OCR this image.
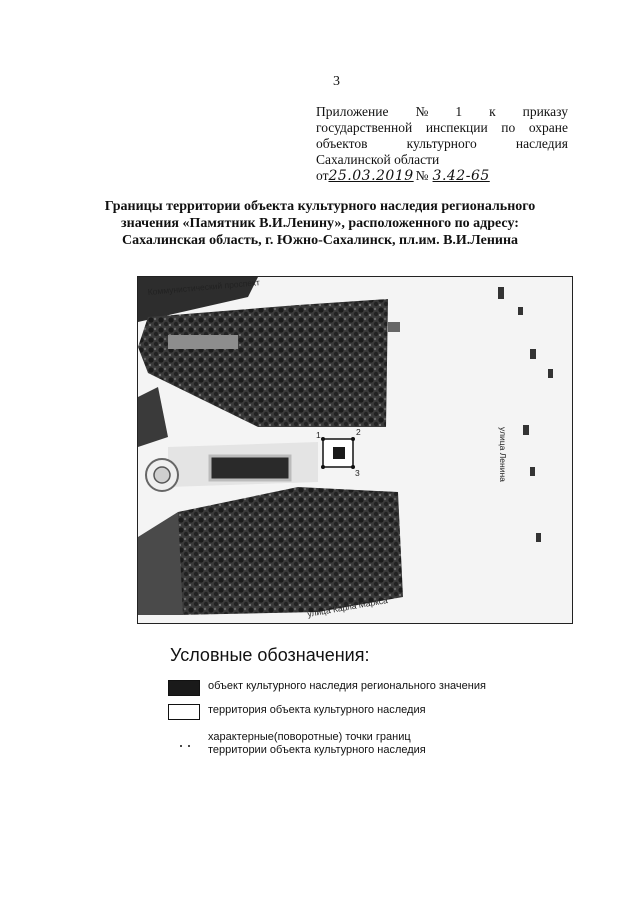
3
Приложение № 1 к приказу
государственной инспекции по охране
объектов	культурного	наследия
Сахалинской области
от 25.03.2019 № 3.42-65
Границы территории объекта культурного наследия регионального
значения «Памятник В.И.Ленину», расположенного по адресу:
Сахалинская область, г. Южно-Сахалинск, пл.им. В.И.Ленина
1	2
3
Коммунистический проспект
улица Ленина
улица Карла Маркса
Условные обозначения:
объект культурного наследия регионального значения
территория объекта культурного наследия
характерные(поворотные) точки границ
территории объекта культурного наследия
